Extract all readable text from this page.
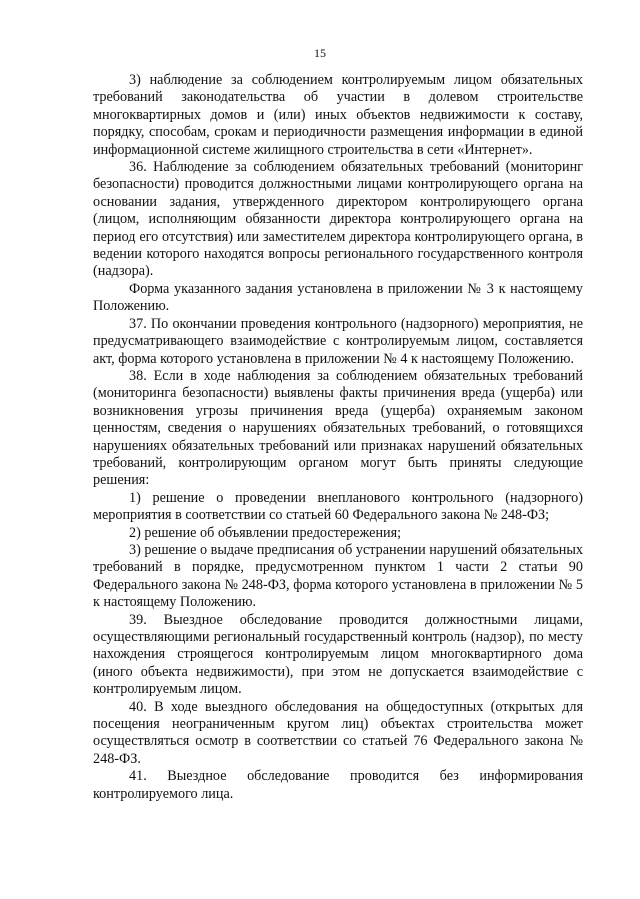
15

3) наблюдение за соблюдением контролируемым лицом обязательных требований законодательства об участии в долевом строительстве многоквартирных домов и (или) иных объектов недвижимости к составу, порядку, способам, срокам и периодичности размещения информации в единой информационной системе жилищного строительства в сети «Интернет».

36. Наблюдение за соблюдением обязательных требований (мониторинг безопасности) проводится должностными лицами контролирующего органа на основании задания, утвержденного директором контролирующего органа (лицом, исполняющим обязанности директора контролирующего органа на период его отсутствия) или заместителем директора контролирующего органа, в ведении которого находятся вопросы регионального государственного контроля (надзора).

Форма указанного задания установлена в приложении № 3 к настоящему Положению.

37. По окончании проведения контрольного (надзорного) мероприятия, не предусматривающего взаимодействие с контролируемым лицом, составляется акт, форма которого установлена в приложении № 4 к настоящему Положению.

38. Если в ходе наблюдения за соблюдением обязательных требований (мониторинга безопасности) выявлены факты причинения вреда (ущерба) или возникновения угрозы причинения вреда (ущерба) охраняемым законом ценностям, сведения о нарушениях обязательных требований, о готовящихся нарушениях обязательных требований или признаках нарушений обязательных требований, контролирующим органом могут быть приняты следующие решения:

1) решение о проведении внепланового контрольного (надзорного) мероприятия в соответствии со статьей 60 Федерального закона № 248-ФЗ;

2) решение об объявлении предостережения;

3) решение о выдаче предписания об устранении нарушений обязательных требований в порядке, предусмотренном пунктом 1 части 2 статьи 90 Федерального закона № 248-ФЗ, форма которого установлена в приложении № 5 к настоящему Положению.

39. Выездное обследование проводится должностными лицами, осуществляющими региональный государственный контроль (надзор), по месту нахождения строящегося контролируемым лицом многоквартирного дома (иного объекта недвижимости), при этом не допускается взаимодействие с контролируемым лицом.

40. В ходе выездного обследования на общедоступных (открытых для посещения неограниченным кругом лиц) объектах строительства может осуществляться осмотр в соответствии со статьей 76 Федерального закона № 248-ФЗ.

41. Выездное обследование проводится без информирования контролируемого лица.
